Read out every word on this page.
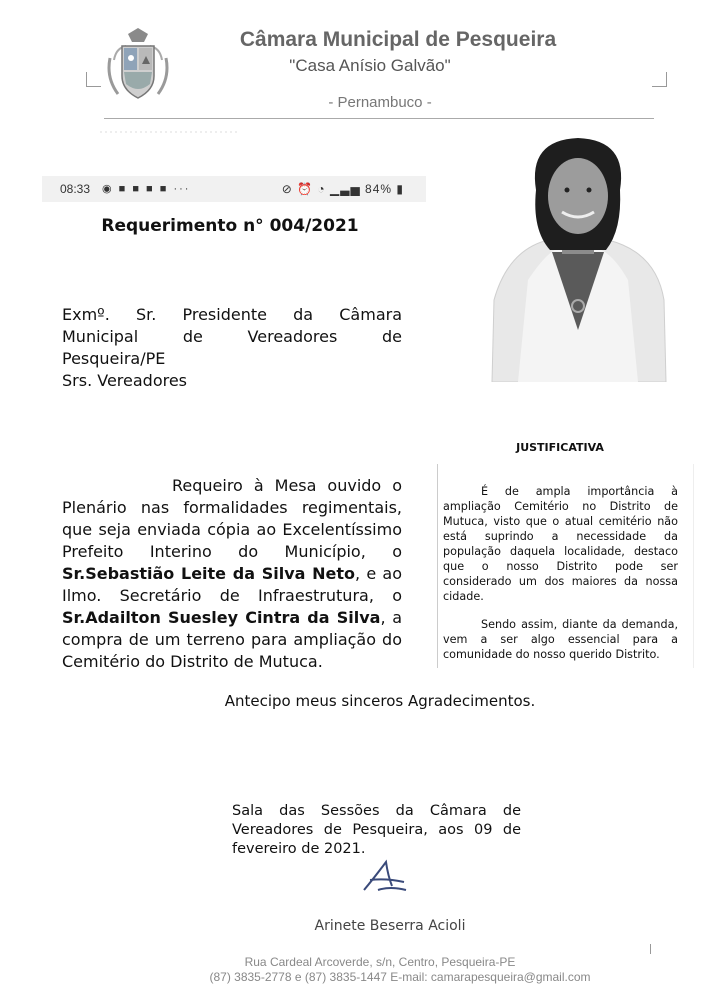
Câmara Municipal de Pesqueira
"Casa Anísio Galvão"
- Pernambuco -
08:33 ◉ ■ ■ ■ ■ ···	⊘ ⏰ ◔ ▁▃▅ 84% ▮
Requerimento n° 004/2021
Exmº. Sr. Presidente da Câmara
Municipal de Vereadores de
Pesqueira/PE
Srs. Vereadores
Requeiro à Mesa ouvido o Plenário nas formalidades regimentais, que seja enviada cópia ao Excelentíssimo Prefeito Interino do Município, o Sr.Sebastião Leite da Silva Neto, e ao Ilmo. Secretário de Infraestrutura, o Sr.Adailton Suesley Cintra da Silva, a compra de um terreno para ampliação do Cemitério do Distrito de Mutuca.
Antecipo meus sinceros Agradecimentos.
Sala das Sessões da Câmara de Vereadores de Pesqueira, aos 09 de fevereiro de 2021.
Arinete Beserra Acioli
JUSTIFICATIVA

É de ampla importância à ampliação Cemitério no Distrito de Mutuca, visto que o atual cemitério não está suprindo a necessidade da população daquela localidade, destaco que o nosso Distrito pode ser considerado um dos maiores da nossa cidade.

Sendo assim, diante da demanda, vem a ser algo essencial para a comunidade do nosso querido Distrito.

Rua Cardeal Arcoverde, s/n, Centro, Pesqueira-PE
(87) 3835-2778 e (87) 3835-1447 E-mail: camarapesqueira@gmail.com
